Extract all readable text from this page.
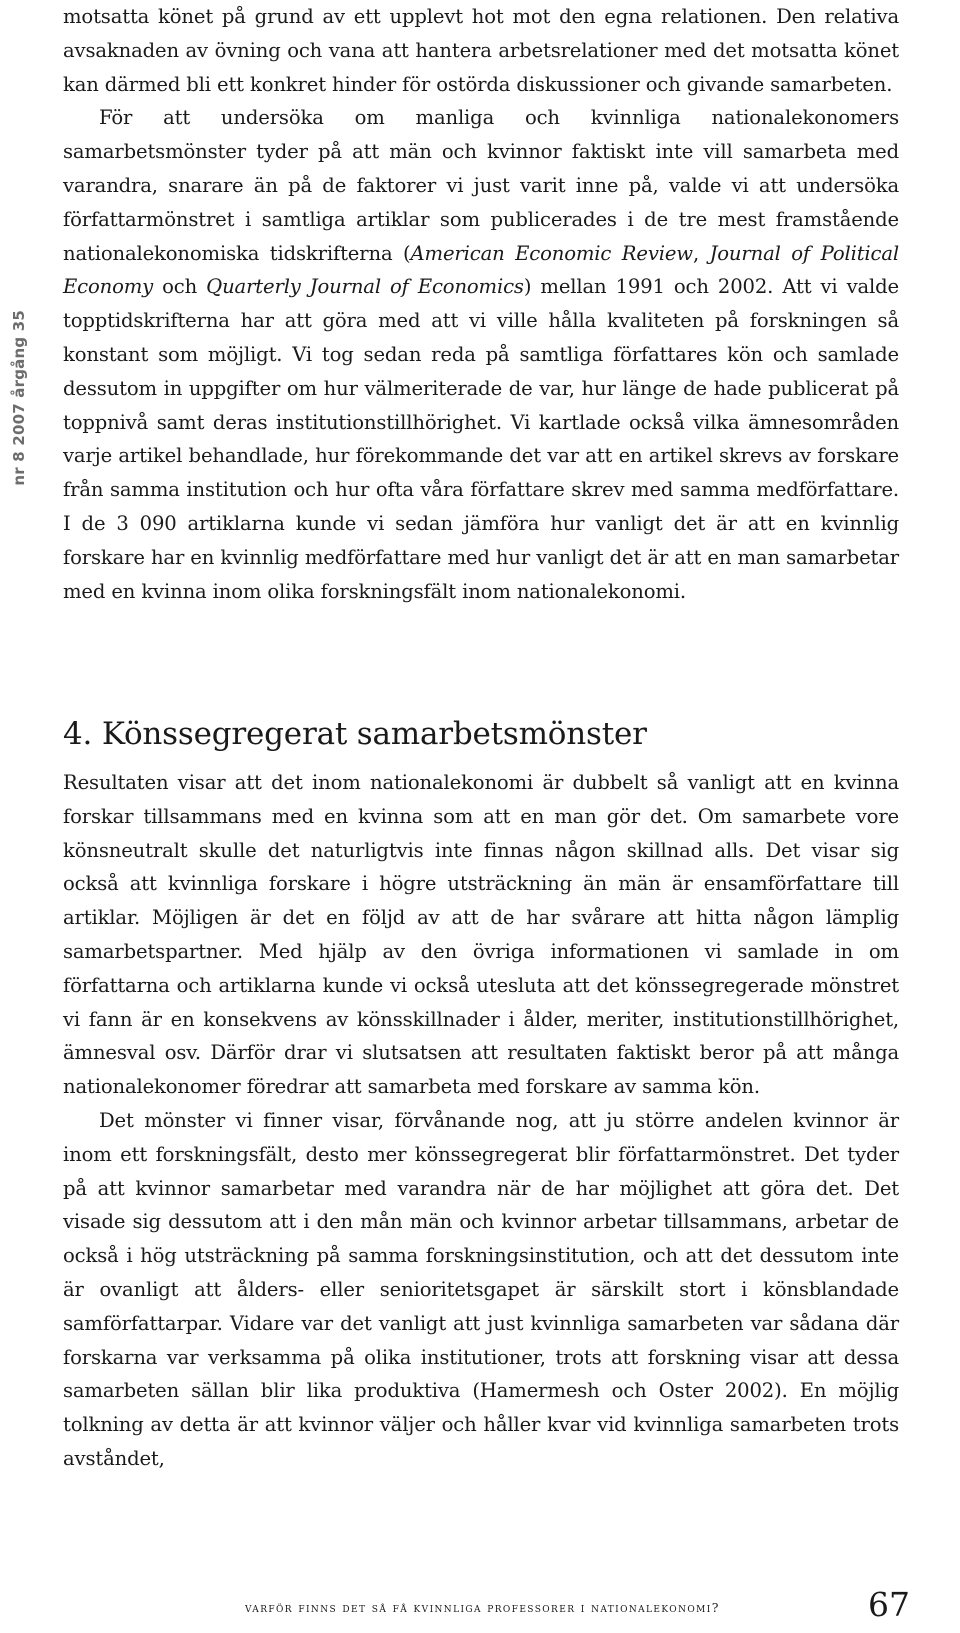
nr 8 2007 årgång 35

motsatta könet på grund av ett upplevt hot mot den egna relationen. Den relativa avsaknaden av övning och vana att hantera arbetsrelationer med det motsatta könet kan därmed bli ett konkret hinder för ostörda diskussioner och givande samarbeten.

För att undersöka om manliga och kvinnliga nationalekonomers samarbetsmönster tyder på att män och kvinnor faktiskt inte vill samarbeta med varandra, snarare än på de faktorer vi just varit inne på, valde vi att undersöka författarmönstret i samtliga artiklar som publicerades i de tre mest framstående nationalekonomiska tidskrifterna (American Economic Review, Journal of Political Economy och Quarterly Journal of Economics) mellan 1991 och 2002. Att vi valde topptidskrifterna har att göra med att vi ville hålla kvaliteten på forskningen så konstant som möjligt. Vi tog sedan reda på samtliga författares kön och samlade dessutom in uppgifter om hur välmeriterade de var, hur länge de hade publicerat på toppnivå samt deras institutionstillhörighet. Vi kartlade också vilka ämnesområden varje artikel behandlade, hur förekommande det var att en artikel skrevs av forskare från samma institution och hur ofta våra författare skrev med samma medförfattare. I de 3 090 artiklarna kunde vi sedan jämföra hur vanligt det är att en kvinnlig forskare har en kvinnlig medförfattare med hur vanligt det är att en man samarbetar med en kvinna inom olika forskningsfält inom nationalekonomi.

4. Könssegregerat samarbetsmönster

Resultaten visar att det inom nationalekonomi är dubbelt så vanligt att en kvinna forskar tillsammans med en kvinna som att en man gör det. Om samarbete vore könsneutralt skulle det naturligtvis inte finnas någon skillnad alls. Det visar sig också att kvinnliga forskare i högre utsträckning än män är ensamförfattare till artiklar. Möjligen är det en följd av att de har svårare att hitta någon lämplig samarbetspartner. Med hjälp av den övriga informationen vi samlade in om författarna och artiklarna kunde vi också utesluta att det könssegregerade mönstret vi fann är en konsekvens av könsskillnader i ålder, meriter, institutionstillhörighet, ämnesval osv. Därför drar vi slutsatsen att resultaten faktiskt beror på att många nationalekonomer föredrar att samarbeta med forskare av samma kön.

Det mönster vi finner visar, förvånande nog, att ju större andelen kvinnor är inom ett forskningsfält, desto mer könssegregerat blir författarmönstret. Det tyder på att kvinnor samarbetar med varandra när de har möjlighet att göra det. Det visade sig dessutom att i den mån män och kvinnor arbetar tillsammans, arbetar de också i hög utsträckning på samma forskningsinstitution, och att det dessutom inte är ovanligt att ålders- eller senioritetsgapet är särskilt stort i könsblandade samförfattarpar. Vidare var det vanligt att just kvinnliga samarbeten var sådana där forskarna var verksamma på olika institutioner, trots att forskning visar att dessa samarbeten sällan blir lika produktiva (Hamermesh och Oster 2002). En möjlig tolkning av detta är att kvinnor väljer och håller kvar vid kvinnliga samarbeten trots avståndet,

varför finns det så få kvinnliga professorer i nationalekonomi?	67
